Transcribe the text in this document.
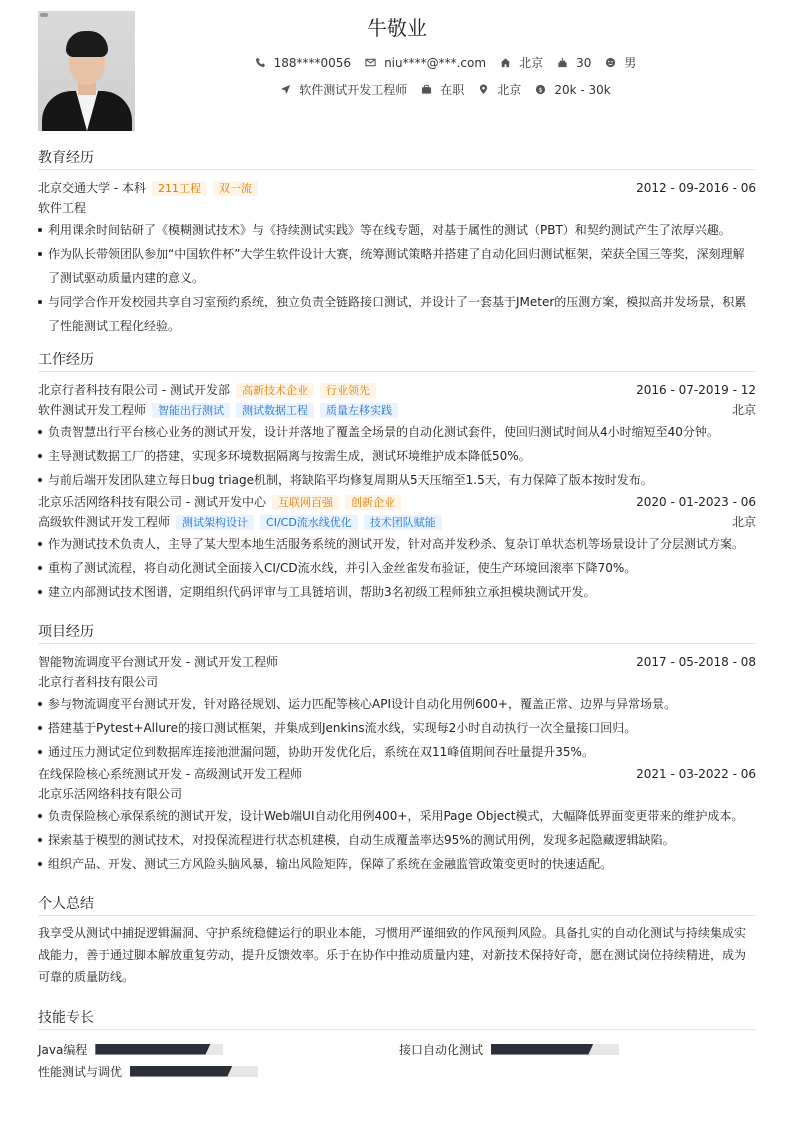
牛敬业
188****0056	niu****@***.com	北京	30	男
软件测试开发工程师	在职	北京 $ 20k - 30k
教育经历
北京交通大学 - 本科	211工程	双一流	2012 - 09-2016 - 06
软件工程
利用课余时间钻研了《模糊测试技术》与《持续测试实践》等在线专题，对基于属性的测试（PBT）和契约测试产生了浓厚兴趣。
作为队长带领团队参加“中国软件杯”大学生软件设计大赛，统筹测试策略并搭建了自动化回归测试框架，荣获全国三等奖，深刻理解了测试驱动质量内建的意义。
与同学合作开发校园共享自习室预约系统，独立负责全链路接口测试，并设计了一套基于JMeter的压测方案，模拟高并发场景，积累了性能测试工程化经验。
工作经历
北京行者科技有限公司 - 测试开发部	高新技术企业	行业领先	2016 - 07-2019 - 12
软件测试开发工程师	智能出行测试	测试数据工程	质量左移实践	北京
负责智慧出行平台核心业务的测试开发，设计并落地了覆盖全场景的自动化测试套件，使回归测试时间从4小时缩短至40分钟。
主导测试数据工厂的搭建，实现多环境数据隔离与按需生成，测试环境维护成本降低50%。
与前后端开发团队建立每日bug triage机制，将缺陷平均修复周期从5天压缩至1.5天，有力保障了版本按时发布。
北京乐活网络科技有限公司 - 测试开发中心	互联网百强	创新企业	2020 - 01-2023 - 06
高级软件测试开发工程师	测试架构设计	CI/CD流水线优化	技术团队赋能	北京
作为测试技术负责人，主导了某大型本地生活服务系统的测试开发，针对高并发秒杀、复杂订单状态机等场景设计了分层测试方案。
重构了测试流程，将自动化测试全面接入CI/CD流水线，并引入金丝雀发布验证，使生产环境回滚率下降70%。
建立内部测试技术图谱，定期组织代码评审与工具链培训，帮助3名初级工程师独立承担模块测试开发。
项目经历
智能物流调度平台测试开发 - 测试开发工程师	2017 - 05-2018 - 08
北京行者科技有限公司
参与物流调度平台测试开发，针对路径规划、运力匹配等核心API设计自动化用例600+，覆盖正常、边界与异常场景。
搭建基于Pytest+Allure的接口测试框架，并集成到Jenkins流水线，实现每2小时自动执行一次全量接口回归。
通过压力测试定位到数据库连接池泄漏问题，协助开发优化后，系统在双11峰值期间吞吐量提升35%。
在线保险核心系统测试开发 - 高级测试开发工程师	2021 - 03-2022 - 06
北京乐活网络科技有限公司
负责保险核心承保系统的测试开发，设计Web端UI自动化用例400+，采用Page Object模式，大幅降低界面变更带来的维护成本。
探索基于模型的测试技术，对投保流程进行状态机建模，自动生成覆盖率达95%的测试用例，发现多起隐藏逻辑缺陷。
组织产品、开发、测试三方风险头脑风暴，输出风险矩阵，保障了系统在金融监管政策变更时的快速适配。
个人总结

我享受从测试中捕捉逻辑漏洞、守护系统稳健运行的职业本能，习惯用严谨细致的作风预判风险。具备扎实的自动化测试与持续集成实战能力，善于通过脚本解放重复劳动，提升反馈效率。乐于在协作中推动质量内建，对新技术保持好奇，愿在测试岗位持续精进，成为可靠的质量防线。

技能专长
Java编程	接口自动化测试
性能测试与调优
